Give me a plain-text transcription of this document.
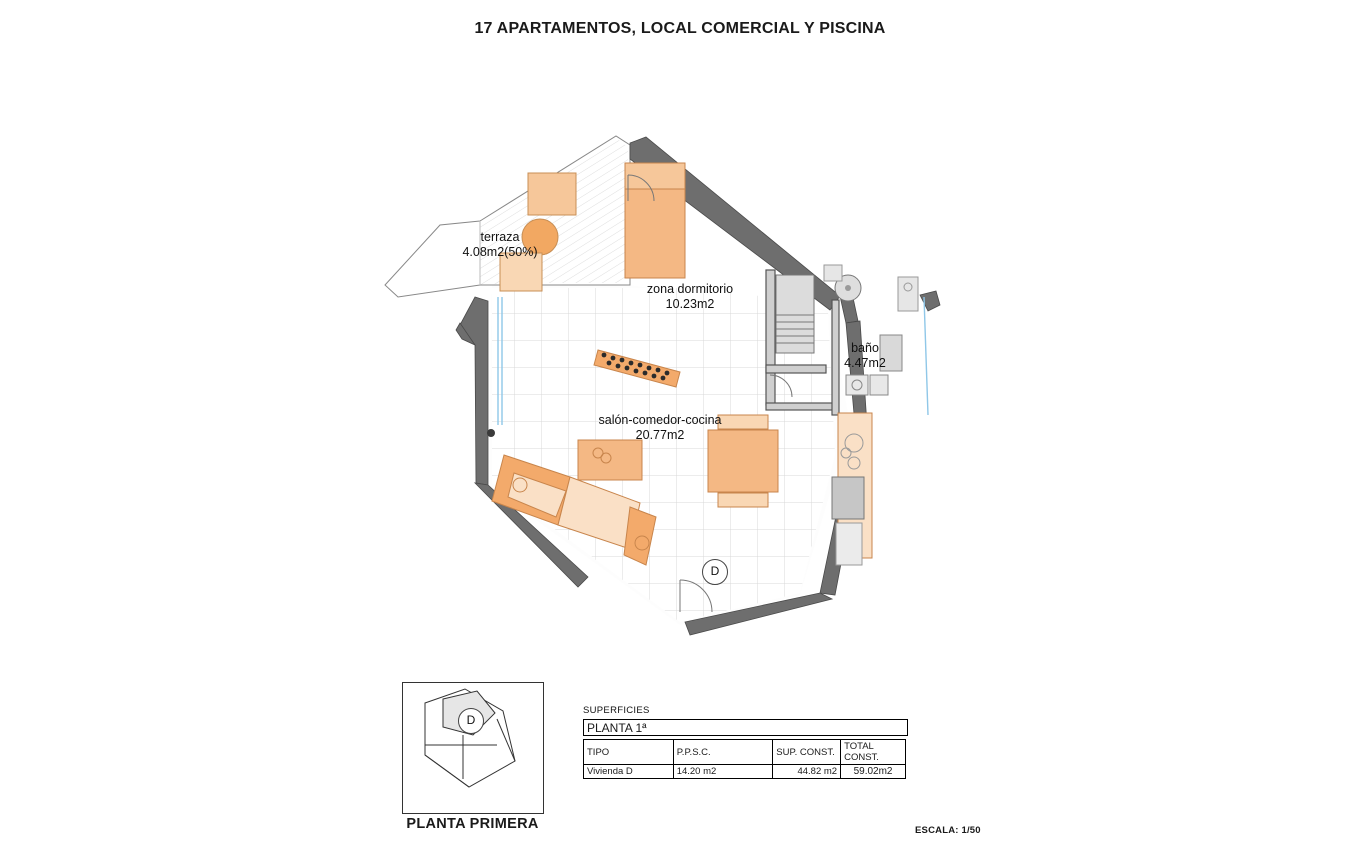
17 APARTAMENTOS, LOCAL COMERCIAL Y PISCINA
terraza
4.08m2(50%)
zona dormitorio
10.23m2
salón-comedor-cocina
20.77m2
baño
4.47m2
D
D
PLANTA PRIMERA
SUPERFICIES
PLANTA 1ª
TIPO	P.P.S.C.	SUP. CONST.	TOTAL CONST.
Vivienda D	14.20 m2	44.82 m2	59.02m2
ESCALA: 1/50
